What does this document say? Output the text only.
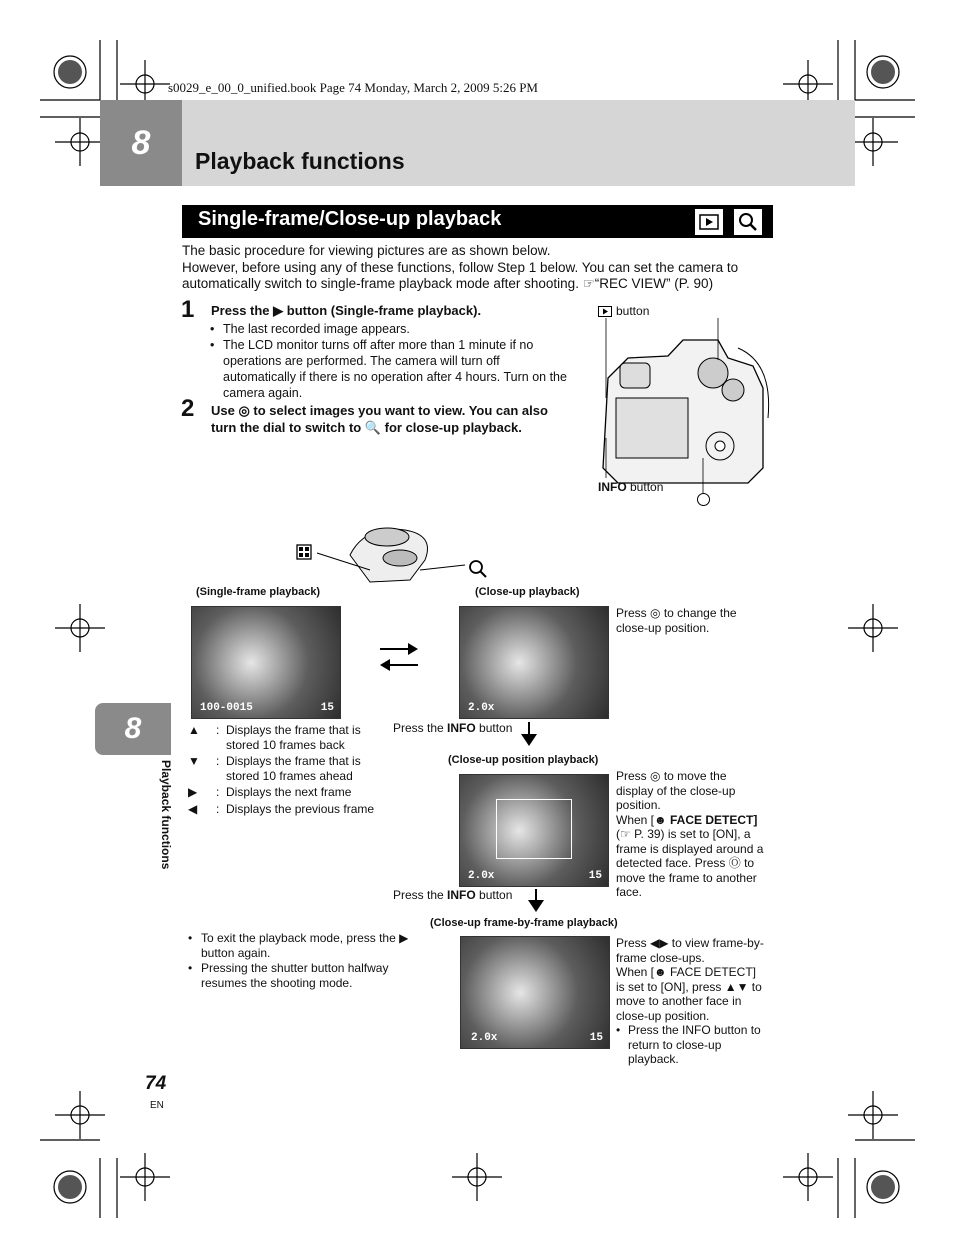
s0029_e_00_0_unified.book Page 74 Monday, March 2, 2009 5:26 PM
8	Playback functions
Single-frame/Close-up playback
The basic procedure for viewing pictures are as shown below.
However, before using any of these functions, follow Step 1 below. You can set the camera to
automatically switch to single-frame playback mode after shooting. ☞“REC VIEW” (P. 90)
1 Press the ▶ button (Single-frame playback).
• The last recorded image appears.
• The LCD monitor turns off after more than 1 minute if no operations are performed. The camera will turn off automatically if there is no operation after 4 hours. Turn on the camera again.
2 Use ◎ to select images you want to view. You can also turn the dial to switch to 🔍 for close-up playback.
button
INFO button
(Single-frame playback)	(Close-up playback)
100-0015	15	2.0x
Press ◎ to change the close-up position.
Press the INFO button
▲	: Displays the frame that is stored 10 frames back
▼	: Displays the frame that is stored 10 frames ahead
▶	: Displays the next frame
◀	: Displays the previous frame
(Close-up position playback)
2.0x	15
Press ◎ to move the display of the close-up position.
When [☻ FACE DETECT]
(☞ P. 39) is set to [ON], a frame is displayed around a detected face. Press Ⓞ to move the frame to another face.
Press the INFO button
(Close-up frame-by-frame playback)
2.0x	15
Press ◀▶ to view frame-by-frame close-ups.
When [☻ FACE DETECT] is set to [ON], press ▲▼ to move to another face in close-up position.
• Press the INFO button to return to close-up playback.
• To exit the playback mode, press the ▶ button again.
• Pressing the shutter button halfway resumes the shooting mode.
8
Playback functions
74
EN
